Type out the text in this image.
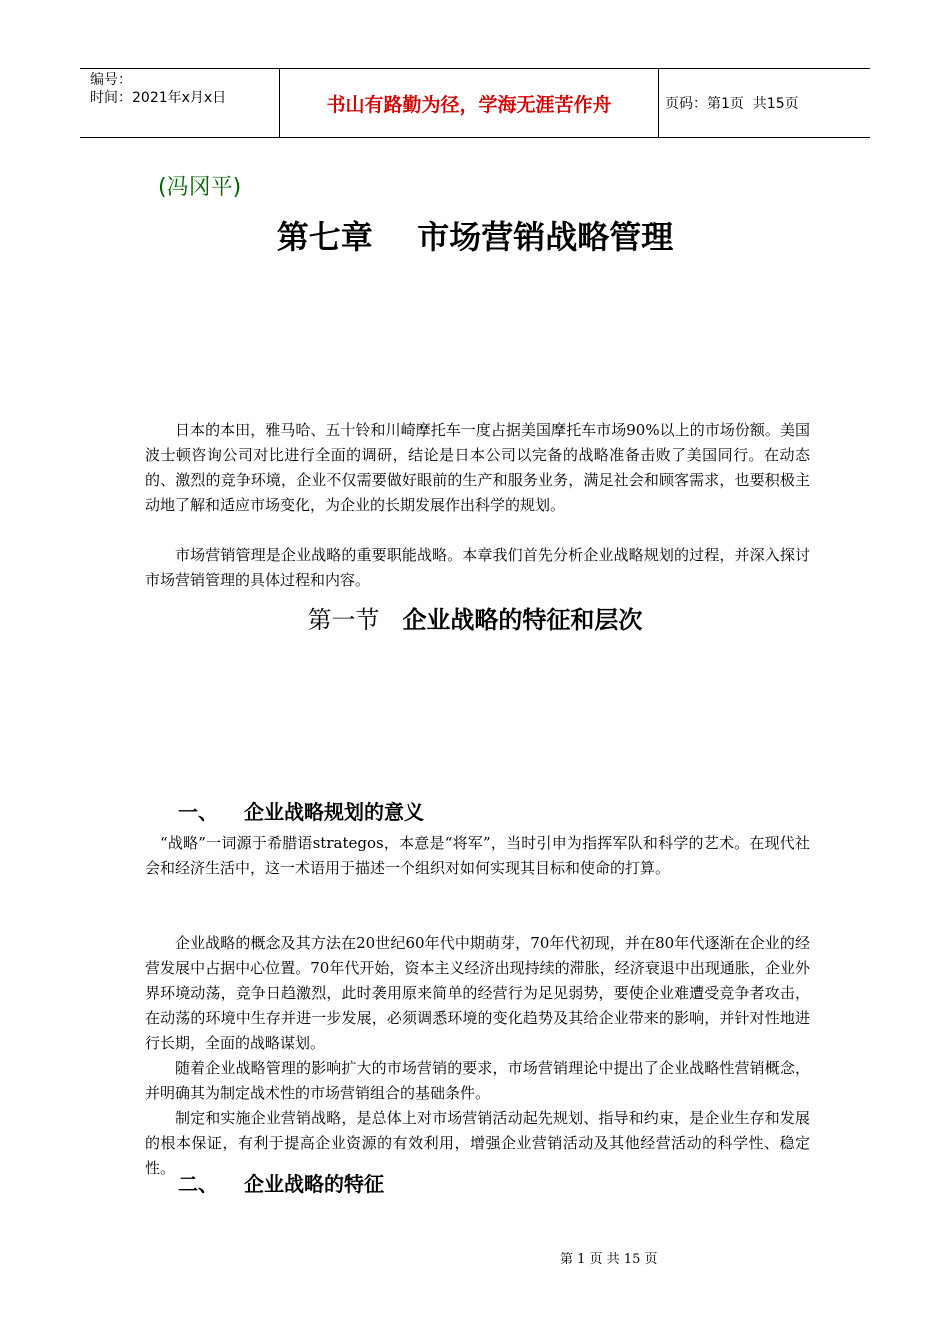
编号：
时间：2021年x月x日	书山有路勤为径，学海无涯苦作舟	页码：第1页  共15页
(冯冈平)
第七章    市场营销战略管理

日本的本田，雅马哈、五十铃和川崎摩托车一度占据美国摩托车市场90%以上的市场份额。美国波士顿咨询公司对比进行全面的调研，结论是日本公司以完备的战略准备击败了美国同行。在动态的、激烈的竞争环境，企业不仅需要做好眼前的生产和服务业务，满足社会和顾客需求，也要积极主动地了解和适应市场变化，为企业的长期发展作出科学的规划。

市场营销管理是企业战略的重要职能战略。本章我们首先分析企业战略规划的过程，并深入探讨市场营销管理的具体过程和内容。

第一节 企业战略的特征和层次
一、	企业战略规划的意义

“战略”一词源于希腊语strategos，本意是“将军”，当时引申为指挥军队和科学的艺术。在现代社会和经济生活中，这一术语用于描述一个组织对如何实现其目标和使命的打算。

企业战略的概念及其方法在20世纪60年代中期萌芽，70年代初现，并在80年代逐渐在企业的经营发展中占据中心位置。70年代开始，资本主义经济出现持续的滞胀，经济衰退中出现通胀，企业外界环境动荡，竞争日趋激烈，此时袭用原来简单的经营行为足见弱势，要使企业难遭受竞争者攻击，在动荡的环境中生存并进一步发展，必须调悉环境的变化趋势及其给企业带来的影响，并针对性地进行长期，全面的战略谋划。

随着企业战略管理的影响扩大的市场营销的要求，市场营销理论中提出了企业战略性营销概念，并明确其为制定战术性的市场营销组合的基础条件。

制定和实施企业营销战略，是总体上对市场营销活动起先规划、指导和约束，是企业生存和发展的根本保证，有利于提高企业资源的有效利用，增强企业营销活动及其他经营活动的科学性、稳定性。

二、	企业战略的特征
第 1 页 共 15 页
